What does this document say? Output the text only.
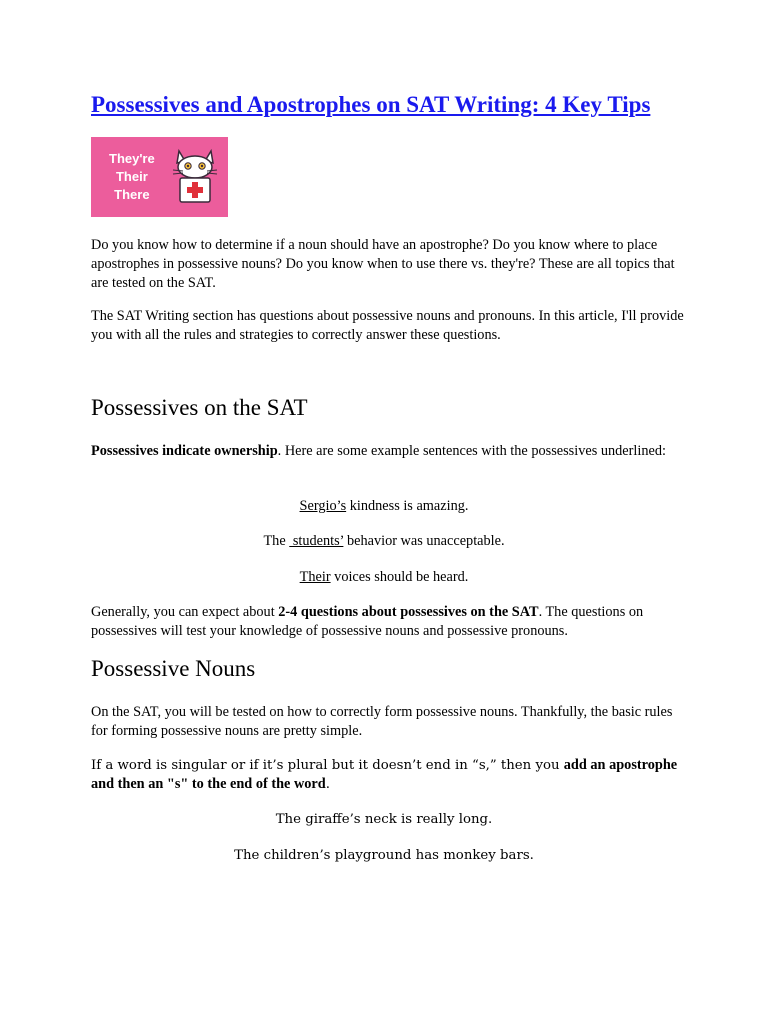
Possessives and Apostrophes on SAT Writing: 4 Key Tips
They're
Their
There

Do you know how to determine if a noun should have an apostrophe? Do you know where to place apostrophes in possessive nouns? Do you know when to use there vs. they're? These are all topics that are tested on the SAT.

The SAT Writing section has questions about possessive nouns and pronouns. In this article, I'll provide you with all the rules and strategies to correctly answer these questions.

Possessives on the SAT

Possessives indicate ownership. Here are some example sentences with the possessives underlined:

Sergio’s kindness is amazing.

The  students’ behavior was unacceptable.

Their voices should be heard.

Generally, you can expect about 2-4 questions about possessives on the SAT. The questions on possessives will test your knowledge of possessive nouns and possessive pronouns.

Possessive Nouns

On the SAT, you will be tested on how to correctly form possessive nouns. Thankfully, the basic rules for forming possessive nouns are pretty simple.

If a word is singular or if it’s plural but it doesn’t end in “s,” then you add an apostrophe and then an "s" to the end of the word.

The giraffe’s neck is really long.

The children’s playground has monkey bars.
